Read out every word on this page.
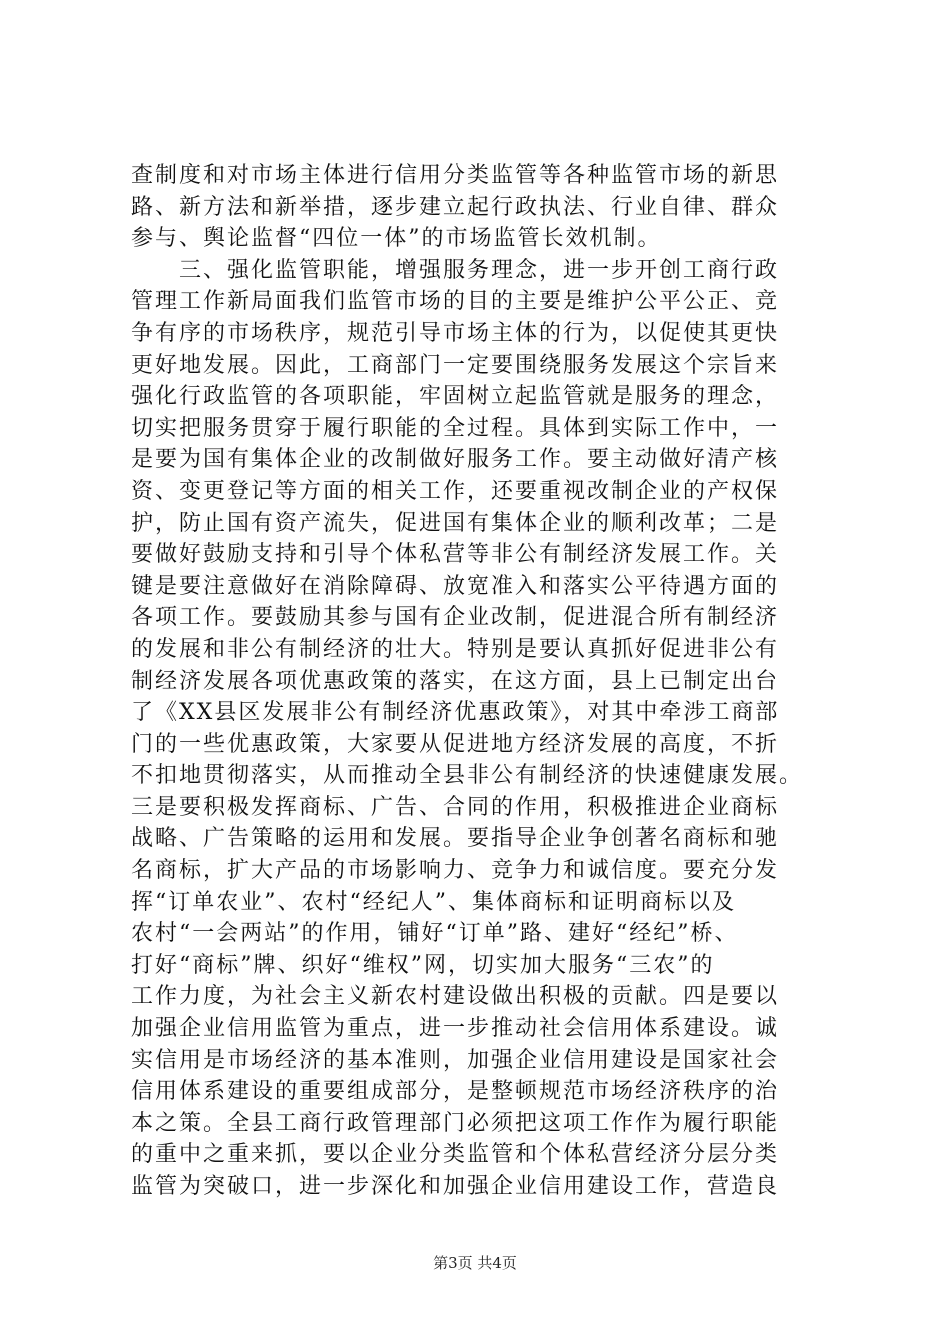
查制度和对市场主体进行信用分类监管等各种监管市场的新思
路、新方法和新举措，逐步建立起行政执法、行业自律、群众
参与、舆论监督“四位一体”的市场监管长效机制。
　　三、强化监管职能，增强服务理念，进一步开创工商行政
管理工作新局面我们监管市场的目的主要是维护公平公正、竞
争有序的市场秩序，规范引导市场主体的行为，以促使其更快
更好地发展。因此，工商部门一定要围绕服务发展这个宗旨来
强化行政监管的各项职能，牢固树立起监管就是服务的理念，
切实把服务贯穿于履行职能的全过程。具体到实际工作中，一
是要为国有集体企业的改制做好服务工作。要主动做好清产核
资、变更登记等方面的相关工作，还要重视改制企业的产权保
护，防止国有资产流失，促进国有集体企业的顺利改革；二是
要做好鼓励支持和引导个体私营等非公有制经济发展工作。关
键是要注意做好在消除障碍、放宽准入和落实公平待遇方面的
各项工作。要鼓励其参与国有企业改制，促进混合所有制经济
的发展和非公有制经济的壮大。特别是要认真抓好促进非公有
制经济发展各项优惠政策的落实，在这方面，县上已制定出台
了《XX县区发展非公有制经济优惠政策》，对其中牵涉工商部
门的一些优惠政策，大家要从促进地方经济发展的高度，不折
不扣地贯彻落实，从而推动全县非公有制经济的快速健康发展。
三是要积极发挥商标、广告、合同的作用，积极推进企业商标
战略、广告策略的运用和发展。要指导企业争创著名商标和驰
名商标，扩大产品的市场影响力、竞争力和诚信度。要充分发
挥“订单农业”、农村“经纪人”、集体商标和证明商标以及
农村“一会两站”的作用，铺好“订单”路、建好“经纪”桥、
打好“商标”牌、织好“维权”网，切实加大服务“三农”的
工作力度，为社会主义新农村建设做出积极的贡献。四是要以
加强企业信用监管为重点，进一步推动社会信用体系建设。诚
实信用是市场经济的基本准则，加强企业信用建设是国家社会
信用体系建设的重要组成部分，是整顿规范市场经济秩序的治
本之策。全县工商行政管理部门必须把这项工作作为履行职能
的重中之重来抓，要以企业分类监管和个体私营经济分层分类
监管为突破口，进一步深化和加强企业信用建设工作，营造良
第3页 共4页
